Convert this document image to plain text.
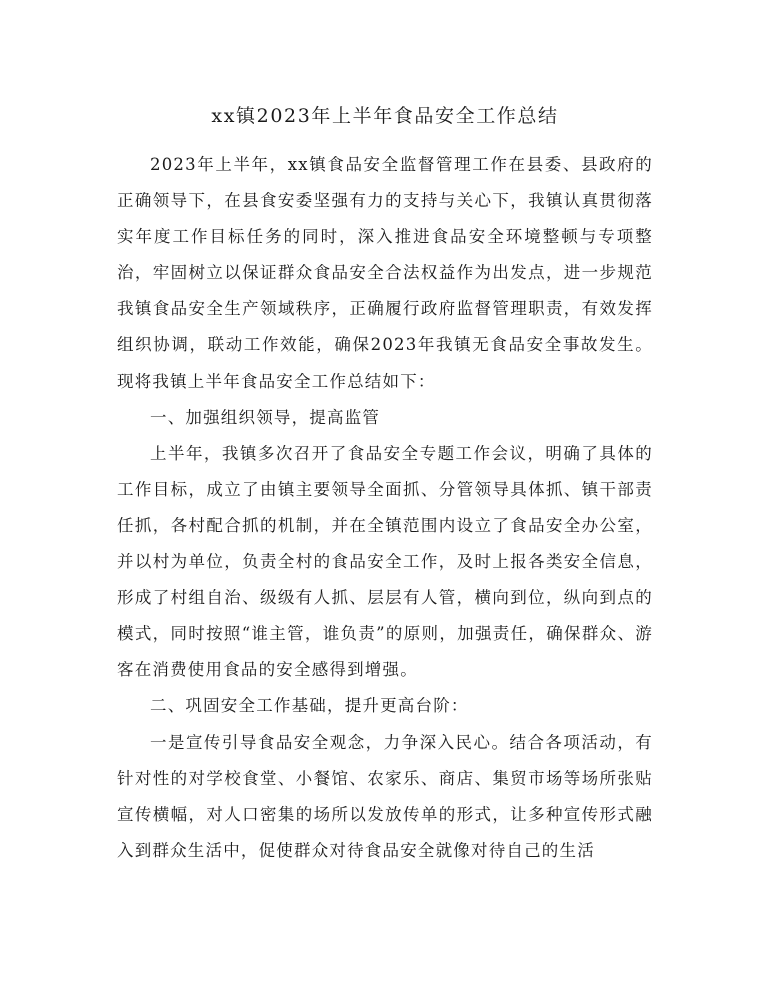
xx镇2023年上半年食品安全工作总结

2023年上半年，xx镇食品安全监督管理工作在县委、县政府的正确领导下，在县食安委坚强有力的支持与关心下，我镇认真贯彻落实年度工作目标任务的同时，深入推进食品安全环境整顿与专项整治，牢固树立以保证群众食品安全合法权益作为出发点，进一步规范我镇食品安全生产领域秩序，正确履行政府监督管理职责，有效发挥组织协调，联动工作效能，确保2023年我镇无食品安全事故发生。现将我镇上半年食品安全工作总结如下：

一、加强组织领导，提高监管

上半年，我镇多次召开了食品安全专题工作会议，明确了具体的工作目标，成立了由镇主要领导全面抓、分管领导具体抓、镇干部责任抓，各村配合抓的机制，并在全镇范围内设立了食品安全办公室，并以村为单位，负责全村的食品安全工作，及时上报各类安全信息，形成了村组自治、级级有人抓、层层有人管，横向到位，纵向到点的模式，同时按照“谁主管，谁负责”的原则，加强责任，确保群众、游客在消费使用食品的安全感得到增强。

二、巩固安全工作基础，提升更高台阶：

一是宣传引导食品安全观念，力争深入民心。结合各项活动，有针对性的对学校食堂、小餐馆、农家乐、商店、集贸市场等场所张贴宣传横幅，对人口密集的场所以发放传单的形式，让多种宣传形式融入到群众生活中，促使群众对待食品安全就像对待自己的生活
